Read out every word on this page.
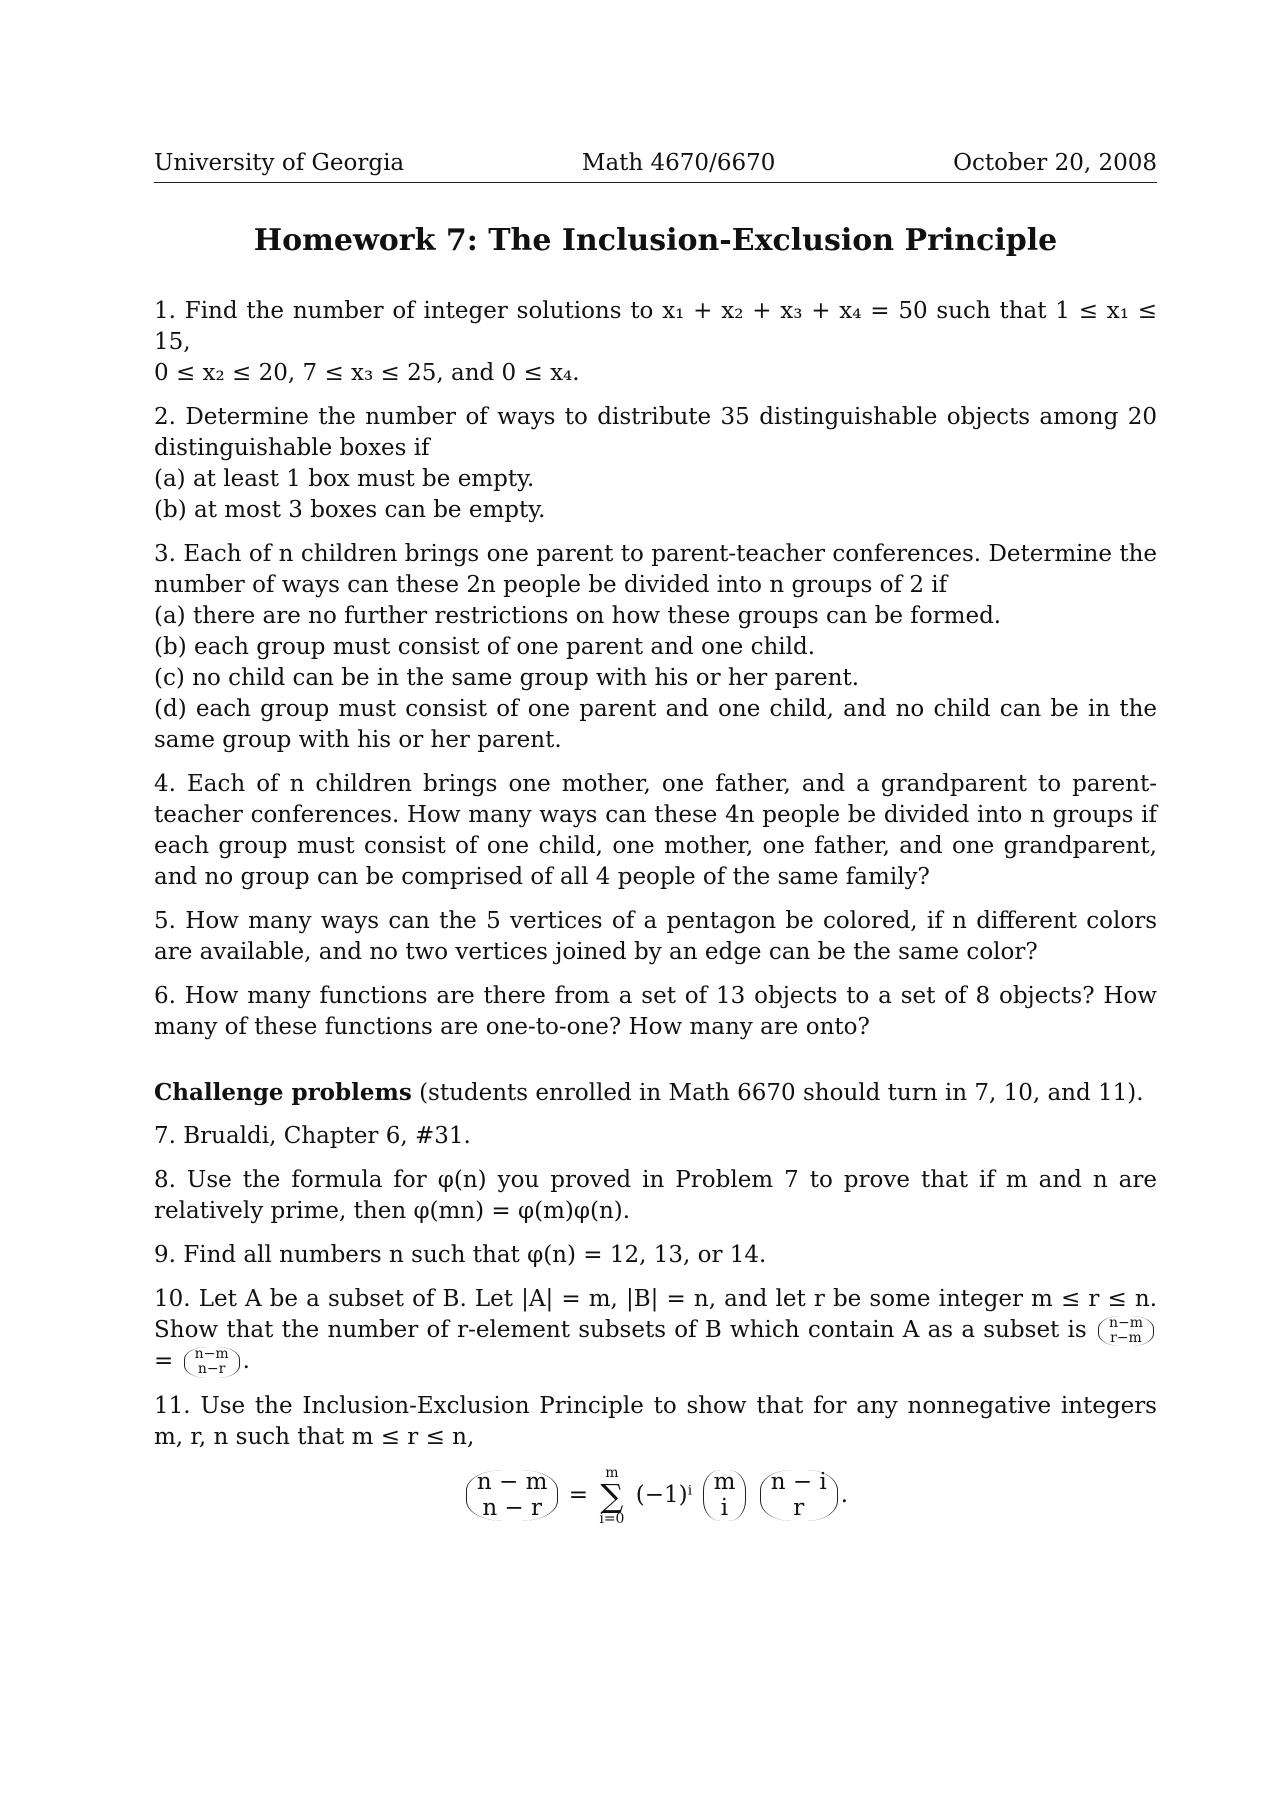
University of Georgia	Math 4670/6670	October 20, 2008
Homework 7: The Inclusion-Exclusion Principle
1. Find the number of integer solutions to x₁ + x₂ + x₃ + x₄ = 50 such that 1 ≤ x₁ ≤ 15,
0 ≤ x₂ ≤ 20, 7 ≤ x₃ ≤ 25, and 0 ≤ x₄.
2. Determine the number of ways to distribute 35 distinguishable objects among 20 distinguishable boxes if
(a) at least 1 box must be empty.
(b) at most 3 boxes can be empty.
3. Each of n children brings one parent to parent-teacher conferences. Determine the number of ways can these 2n people be divided into n groups of 2 if
(a) there are no further restrictions on how these groups can be formed.
(b) each group must consist of one parent and one child.
(c) no child can be in the same group with his or her parent.
(d) each group must consist of one parent and one child, and no child can be in the same group with his or her parent.
4. Each of n children brings one mother, one father, and a grandparent to parent-teacher conferences. How many ways can these 4n people be divided into n groups if each group must consist of one child, one mother, one father, and one grandparent, and no group can be comprised of all 4 people of the same family?
5. How many ways can the 5 vertices of a pentagon be colored, if n different colors are available, and no two vertices joined by an edge can be the same color?
6. How many functions are there from a set of 13 objects to a set of 8 objects? How many of these functions are one-to-one? How many are onto?
Challenge problems (students enrolled in Math 6670 should turn in 7, 10, and 11).
7. Brualdi, Chapter 6, #31.
8. Use the formula for φ(n) you proved in Problem 7 to prove that if m and n are relatively prime, then φ(mn) = φ(m)φ(n).
9. Find all numbers n such that φ(n) = 12, 13, or 14.
10. Let A be a subset of B. Let |A| = m, |B| = n, and let r be some integer m ≤ r ≤ n. Show that the number of r-element subsets of B which contain A as a subset is n−m
r−m
= n−m
n−r .
11. Use the Inclusion-Exclusion Principle to show that for any nonnegative integers m, r, n such that m ≤ r ≤ n,
n − m
n − r =
m
∑
i=0
(−1)ⁱ m
i

n − i
r	.
